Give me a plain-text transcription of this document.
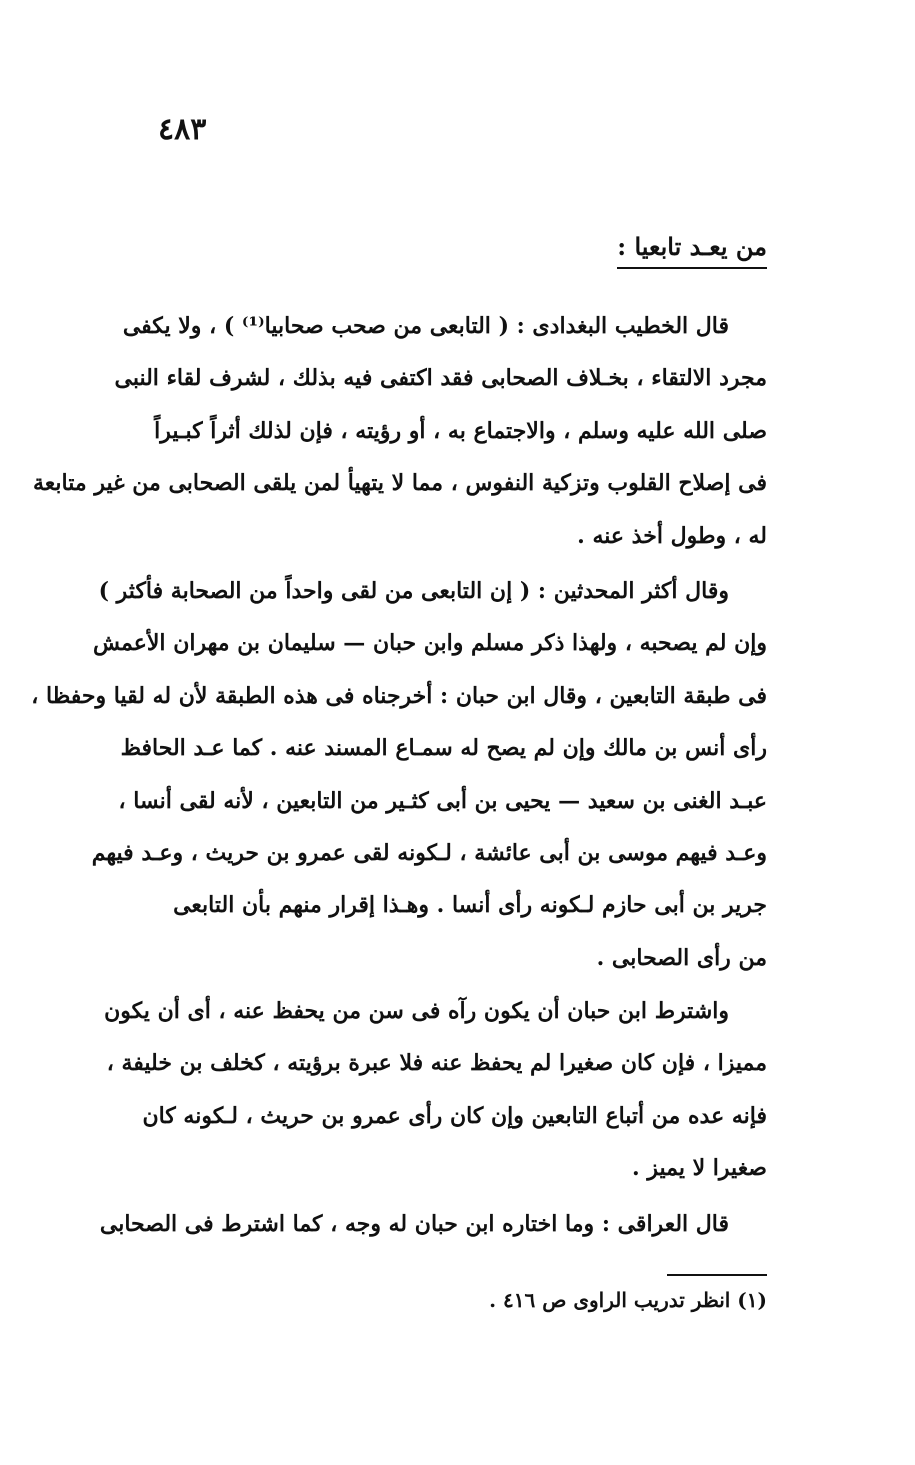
٤٨٣
من يعـد تابعيا :
قال الخطيب البغدادى : ( التابعى من صحب صحابيا⁽¹⁾ ) ، ولا يكفى
مجرد الالتقاء ، بخـلاف الصحابى فقد اكتفى فيه بذلك ، لشرف لقاء النبى
صلى الله عليه وسلم ، والاجتماع به ، أو رؤيته ، فإن لذلك أثراً كبـيراً
فى إصلاح القلوب وتزكية النفوس ، مما لا يتهيأ لمن يلقى الصحابى من غير متابعة
له ، وطول أخذ عنه .
وقال أكثر المحدثين : ( إن التابعى من لقى واحداً من الصحابة فأكثر )
وإن لم يصحبه ، ولهذا ذكر مسلم وابن حبان — سليمان بن مهران الأعمش
فى طبقة التابعين ، وقال ابن حبان : أخرجناه فى هذه الطبقة لأن له لقيا وحفظا ،
رأى أنس بن مالك وإن لم يصح له سمـاع المسند عنه . كما عـد الحافظ
عبـد الغنى بن سعيد — يحيى بن أبى كثـير من التابعين ، لأنه لقى أنسا ،
وعـد فيهم موسى بن أبى عائشة ، لـكونه لقى عمرو بن حريث ، وعـد فيهم
جرير بن أبى حازم لـكونه رأى أنسا . وهـذا إقرار منهم بأن التابعى
من رأى الصحابى .
واشترط ابن حبان أن يكون رآه فى سن من يحفظ عنه ، أى أن يكون
مميزا ، فإن كان صغيرا لم يحفظ عنه فلا عبرة برؤيته ، كخلف بن خليفة ،
فإنه عده من أتباع التابعين وإن كان رأى عمرو بن حريث ، لـكونه كان
صغيرا لا يميز .
قال العراقى : وما اختاره ابن حبان له وجه ، كما اشترط فى الصحابى
(١) انظر تدريب الراوى ص ٤١٦ .
